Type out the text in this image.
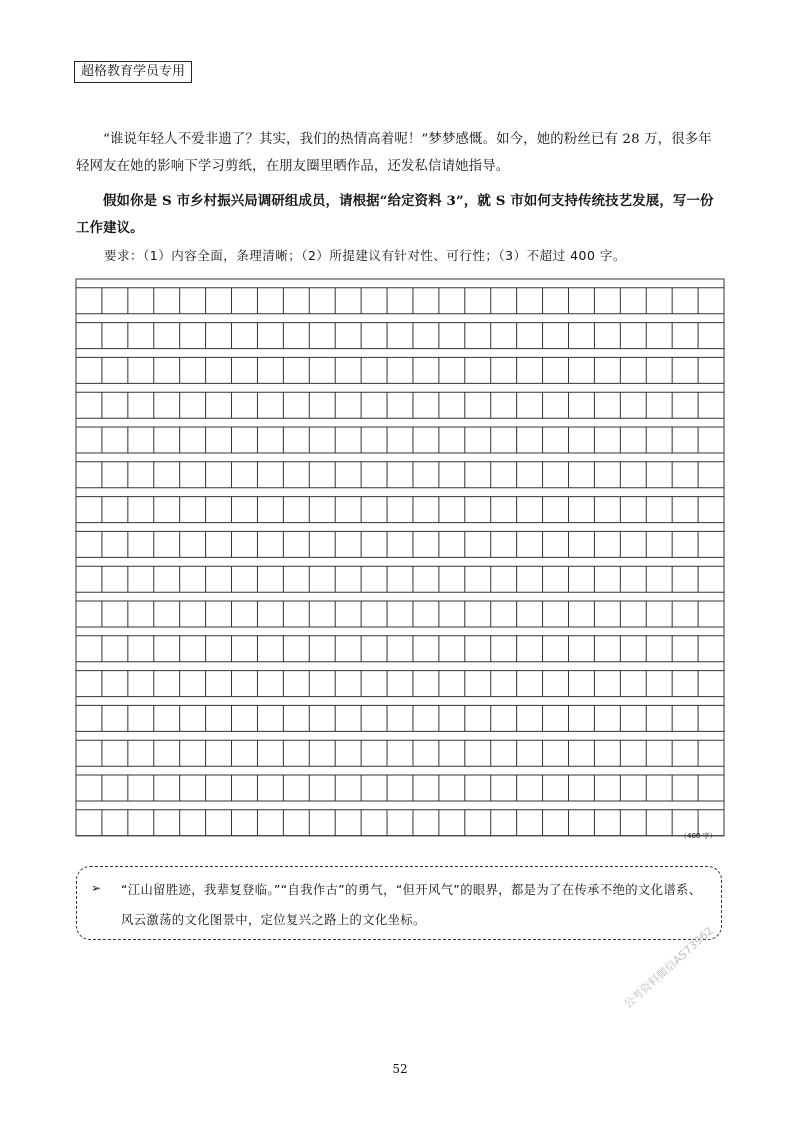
超格教育学员专用
“谁说年轻人不爱非遗了？其实，我们的热情高着呢！”梦梦感慨。如今，她的粉丝已有 28 万，很多年轻网友在她的影响下学习剪纸，在朋友圈里晒作品，还发私信请她指导。
假如你是 S 市乡村振兴局调研组成员，请根据“给定资料 3”，就 S 市如何支持传统技艺发展，写一份工作建议。
要求：（1）内容全面，条理清晰；（2）所提建议有针对性、可行性；（3）不超过 400 字。
（400 字）
➢ “江山留胜迹，我辈复登临。”“自我作古”的勇气，“但开风气”的眼界，都是为了在传承不绝的文化谱系、风云激荡的文化图景中，定位复兴之路上的文化坐标。
公考资料微信AS73962
52
